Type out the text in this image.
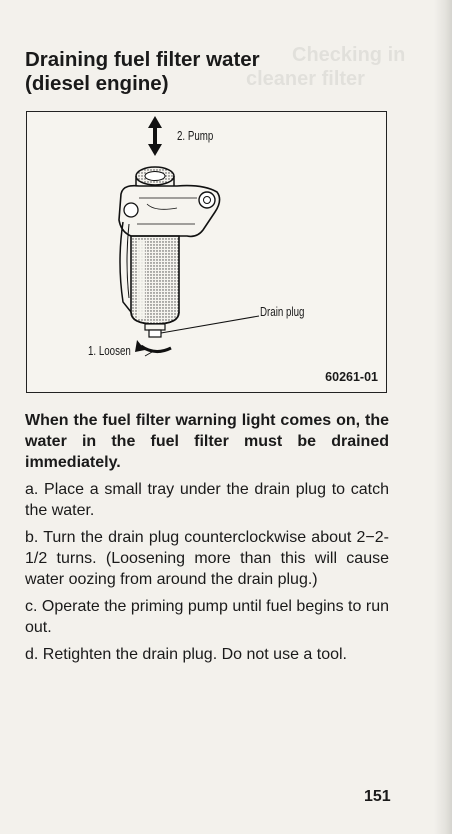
Checking in
cleaner filter
Draining fuel filter water
(diesel engine)
2. Pump
Drain plug
1. Loosen
60261-01

When the fuel filter warning light comes on, the water in the fuel filter must be drained immediately.

a. Place a small tray under the drain plug to catch the water.

b. Turn the drain plug counterclockwise about 2−2-1/2 turns. (Loosening more than this will cause water oozing from around the drain plug.)

c. Operate the priming pump until fuel begins to run out.

d. Retighten the drain plug. Do not use a tool.

151
